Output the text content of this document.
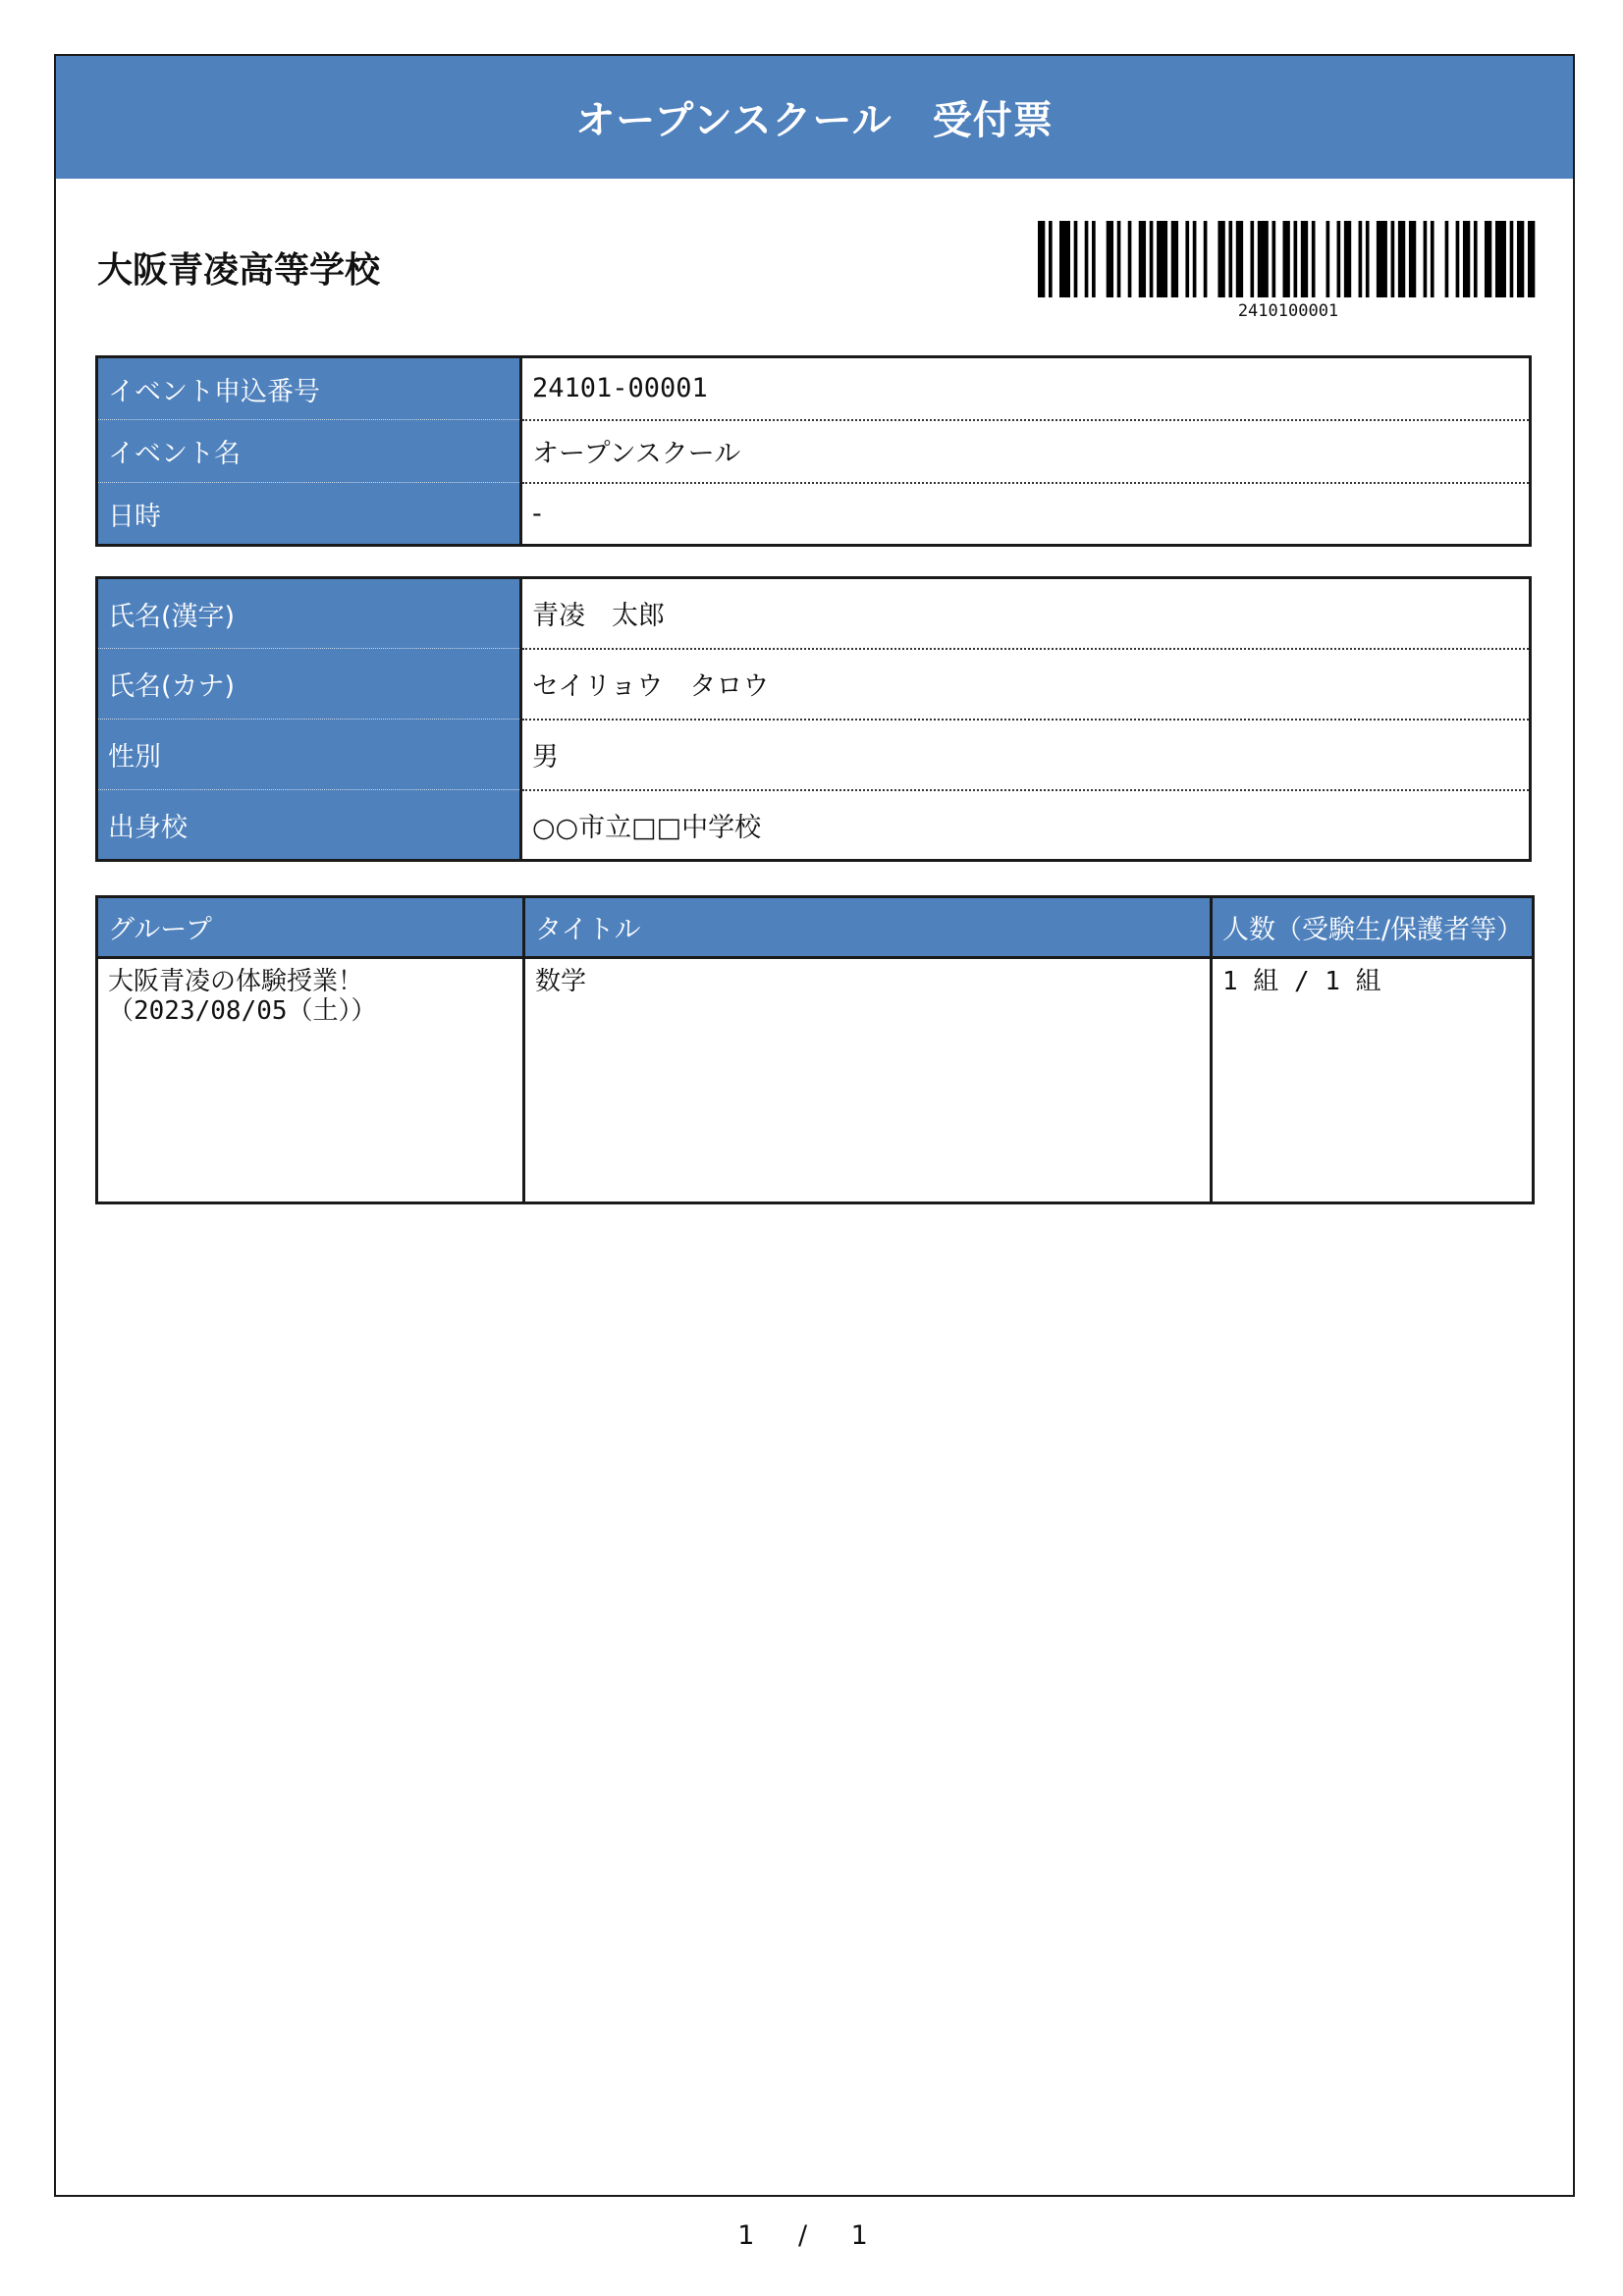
オープンスクール　受付票
大阪青凌高等学校
2410100001
イベント申込番号	24101-00001
イベント名	オープンスクール
日時	-
氏名(漢字)	青凌　太郎
氏名(カナ)	セイリョウ　タロウ
性別	男
出身校	○○市立□□中学校
グループ	タイトル	人数（受験生/保護者等）

大阪青凌の体験授業！
（2023/08/05（土））	数学	1 組 / 1 組
1 / 1
